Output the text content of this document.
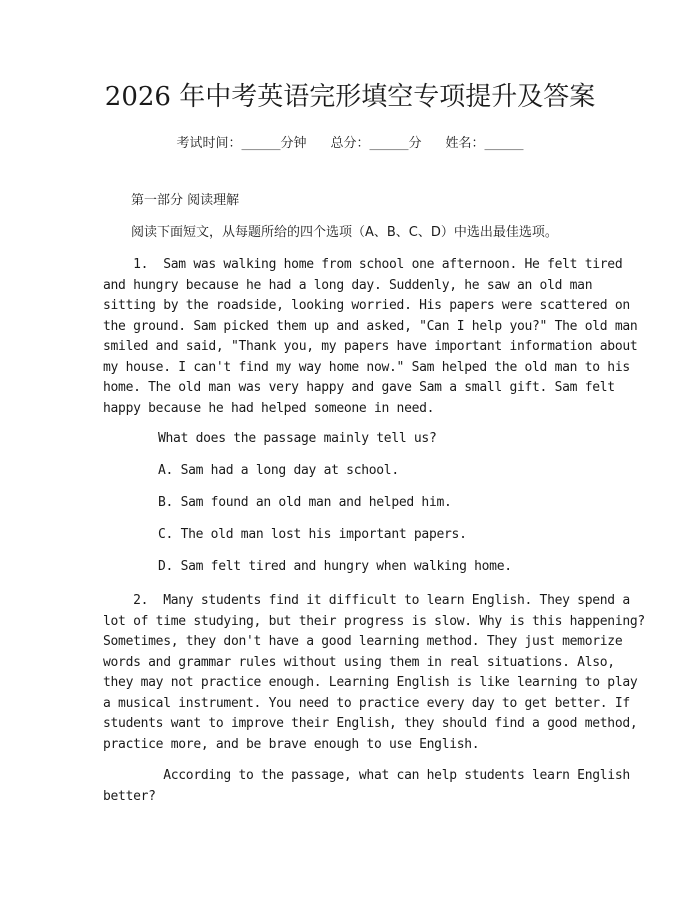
2026 年中考英语完形填空专项提升及答案
考试时间：______分钟 总分：______分 姓名：______
第一部分 阅读理解
阅读下面短文，从每题所给的四个选项（A、B、C、D）中选出最佳选项。
1.  Sam was walking home from school one afternoon. He felt tired
and hungry because he had a long day. Suddenly, he saw an old man
sitting by the roadside, looking worried. His papers were scattered on
the ground. Sam picked them up and asked, "Can I help you?" The old man
smiled and said, "Thank you, my papers have important information about
my house. I can't find my way home now." Sam helped the old man to his
home. The old man was very happy and gave Sam a small gift. Sam felt
happy because he had helped someone in need.
What does the passage mainly tell us?
A. Sam had a long day at school.
B. Sam found an old man and helped him.
C. The old man lost his important papers.
D. Sam felt tired and hungry when walking home.
2.  Many students find it difficult to learn English. They spend a
lot of time studying, but their progress is slow. Why is this happening?
Sometimes, they don't have a good learning method. They just memorize
words and grammar rules without using them in real situations. Also,
they may not practice enough. Learning English is like learning to play
a musical instrument. You need to practice every day to get better. If
students want to improve their English, they should find a good method,
practice more, and be brave enough to use English.
According to the passage, what can help students learn English
better?
